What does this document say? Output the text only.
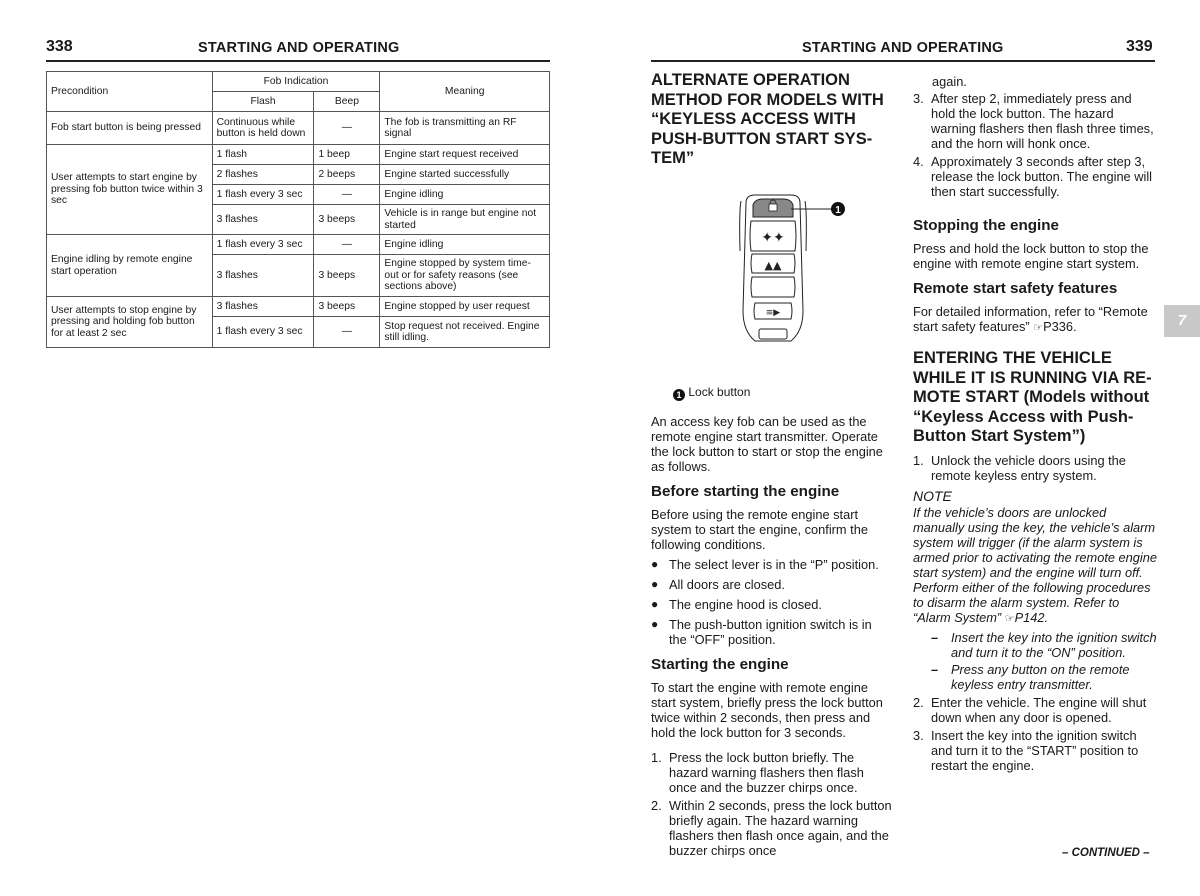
338	STARTING AND OPERATING
Precondition	Fob Indication		Meaning
	Flash	Beep	
Fob start button is being pressed	Continuous while button is held down	—	The fob is transmitting an RF signal
User attempts to start engine by pressing fob button twice within 3 sec	1 flash	1 beep	Engine start request received
	2 flashes	2 beeps	Engine started successfully
	1 flash every 3 sec	—	Engine idling
	3 flashes	3 beeps	Vehicle is in range but engine not started
Engine idling by remote engine start operation	1 flash every 3 sec	—	Engine idling
	3 flashes	3 beeps	Engine stopped by system time-out or for safety reasons (see sections above)
User attempts to stop engine by pressing and holding fob button for at least 2 sec	3 flashes	3 beeps	Engine stopped by user request
	1 flash every 3 sec	—	Stop request not received. Engine still idling.
STARTING AND OPERATING	339
7
ALTERNATE OPERATION METHOD FOR MODELS WITH “KEYLESS ACCESS WITH PUSH-BUTTON START SYS-TEM”
✦✦
▲▲
≡▶
1
1 Lock button

An access key fob can be used as the remote engine start transmitter. Operate the lock button to start or stop the engine as follows.

Before starting the engine

Before using the remote engine start system to start the engine, confirm the following conditions.

● The select lever is in the “P” position.
● All doors are closed.
● The engine hood is closed.
● The push-button ignition switch is in the “OFF” position.
Starting the engine

To start the engine with remote engine start system, briefly press the lock button twice within 2 seconds, then press and hold the lock button for 3 seconds.

1. Press the lock button briefly. The hazard warning flashers then flash once and the buzzer chirps once.
2. Within 2 seconds, press the lock button briefly again. The hazard warning flashers then flash once again, and the buzzer chirps once
again.
3. After step 2, immediately press and hold the lock button. The hazard warning flashers then flash three times, and the horn will honk once.
4. Approximately 3 seconds after step 3, release the lock button. The engine will then start successfully.
Stopping the engine

Press and hold the lock button to stop the engine with remote engine start system.

Remote start safety features

For detailed information, refer to “Remote start safety features” ☞P336.

ENTERING THE VEHICLE WHILE IT IS RUNNING VIA RE-MOTE START (Models without “Keyless Access with Push-Button Start System”)
1. Unlock the vehicle doors using the remote keyless entry system.
NOTE

If the vehicle’s doors are unlocked manually using the key, the vehicle’s alarm system will trigger (if the alarm system is armed prior to activating the remote engine start system) and the engine will turn off. Perform either of the following procedures to disarm the alarm system. Refer to “Alarm System” ☞P142.

– Insert the key into the ignition switch and turn it to the “ON” position.
– Press any button on the remote keyless entry transmitter.
2. Enter the vehicle. The engine will shut down when any door is opened.
3. Insert the key into the ignition switch and turn it to the “START” position to restart the engine.
– CONTINUED –
